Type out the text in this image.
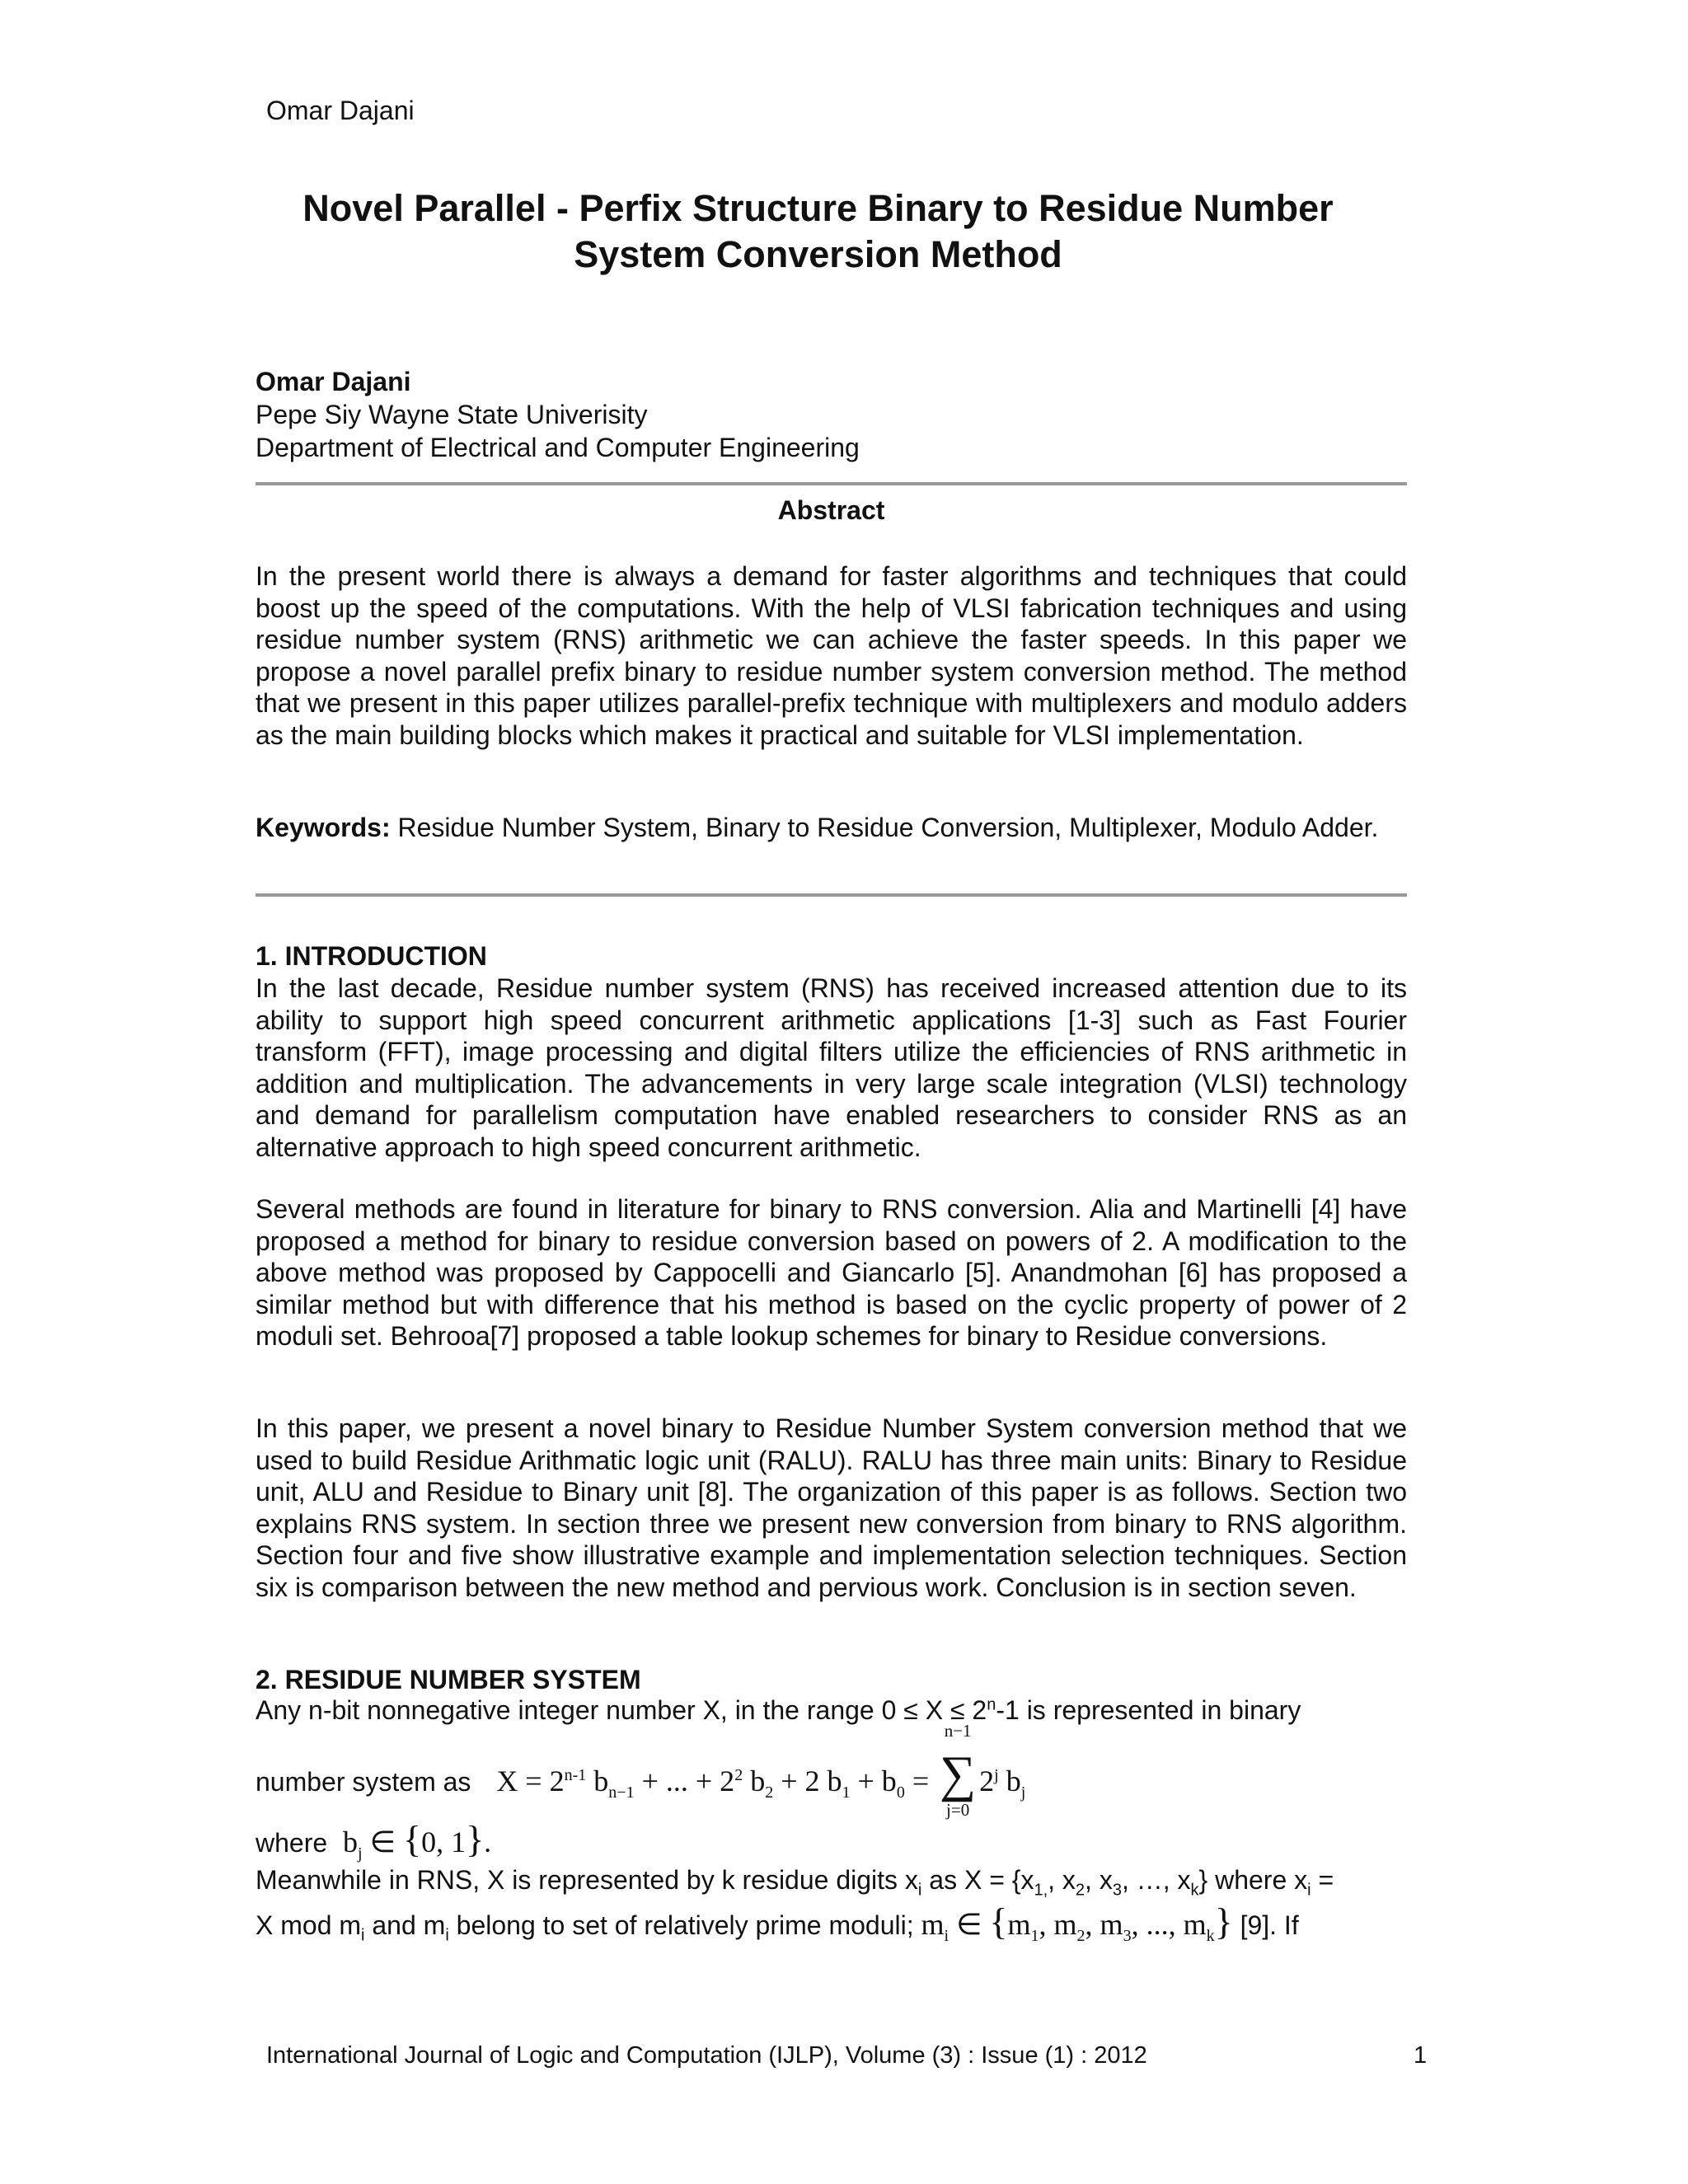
Omar Dajani
Novel Parallel - Perfix Structure Binary to Residue Number
System Conversion Method
Omar Dajani
Pepe Siy Wayne State Univerisity
Department of Electrical and Computer Engineering
Abstract

In the present world there is always a demand for faster algorithms and techniques that could boost up the speed of the computations. With the help of VLSI fabrication techniques and using residue number system (RNS) arithmetic we can achieve the faster speeds. In this paper we propose a novel parallel prefix binary to residue number system conversion method. The method that we present in this paper utilizes parallel-prefix technique with multiplexers and modulo adders as the main building blocks which makes it practical and suitable for VLSI implementation.

Keywords: Residue Number System, Binary to Residue Conversion, Multiplexer, Modulo Adder.

1. INTRODUCTION

In the last decade, Residue number system (RNS) has received increased attention due to its ability to support high speed concurrent arithmetic applications [1-3] such as Fast Fourier transform (FFT), image processing and digital filters utilize the efficiencies of RNS arithmetic in addition and multiplication. The advancements in very large scale integration (VLSI) technology and demand for parallelism computation have enabled researchers to consider RNS as an alternative approach to high speed concurrent arithmetic.

Several methods are found in literature for binary to RNS conversion. Alia and Martinelli [4] have proposed a method for binary to residue conversion based on powers of 2. A modification to the above method was proposed by Cappocelli and Giancarlo [5]. Anandmohan [6] has proposed a similar method but with difference that his method is based on the cyclic property of power of 2 moduli set. Behrooa[7] proposed a table lookup schemes for binary to Residue conversions.

In this paper, we present a novel binary to Residue Number System conversion method that we used to build Residue Arithmatic logic unit (RALU). RALU has three main units: Binary to Residue unit, ALU and Residue to Binary unit [8]. The organization of this paper is as follows. Section two explains RNS system. In section three we present new conversion from binary to RNS algorithm. Section four and five show illustrative example and implementation selection techniques. Section six is comparison between the new method and pervious work. Conclusion is in section seven.

2. RESIDUE NUMBER SYSTEM
Any n-bit nonnegative integer number X, in the range $0 \le X \le 2^n-1$ is represented in binary
number system as $X = 2^{n-1}$ $b_{n-1}$ + ... + $2^2$ $b_2 + 2$ $b_1 + b_0$ =
n−1
∑
j=0
2$^j$ $b_j$
where $b_j$ ∈ {0, 1}.
Meanwhile in RNS, X is represented by k residue digits $x_i$ as $X = \{x_{1,}$, $x_2$, $x_3$, …, $x_k$} where $x_i$ =
X mod $m_i$ and $m_i$ belong to set of relatively prime moduli; $m_i$ ∈ {$m_1$, $m_2$, $m_3$, ..., $m_k$} [9]. If
International Journal of Logic and Computation (IJLP), Volume (3) : Issue (1) : 2012	1
